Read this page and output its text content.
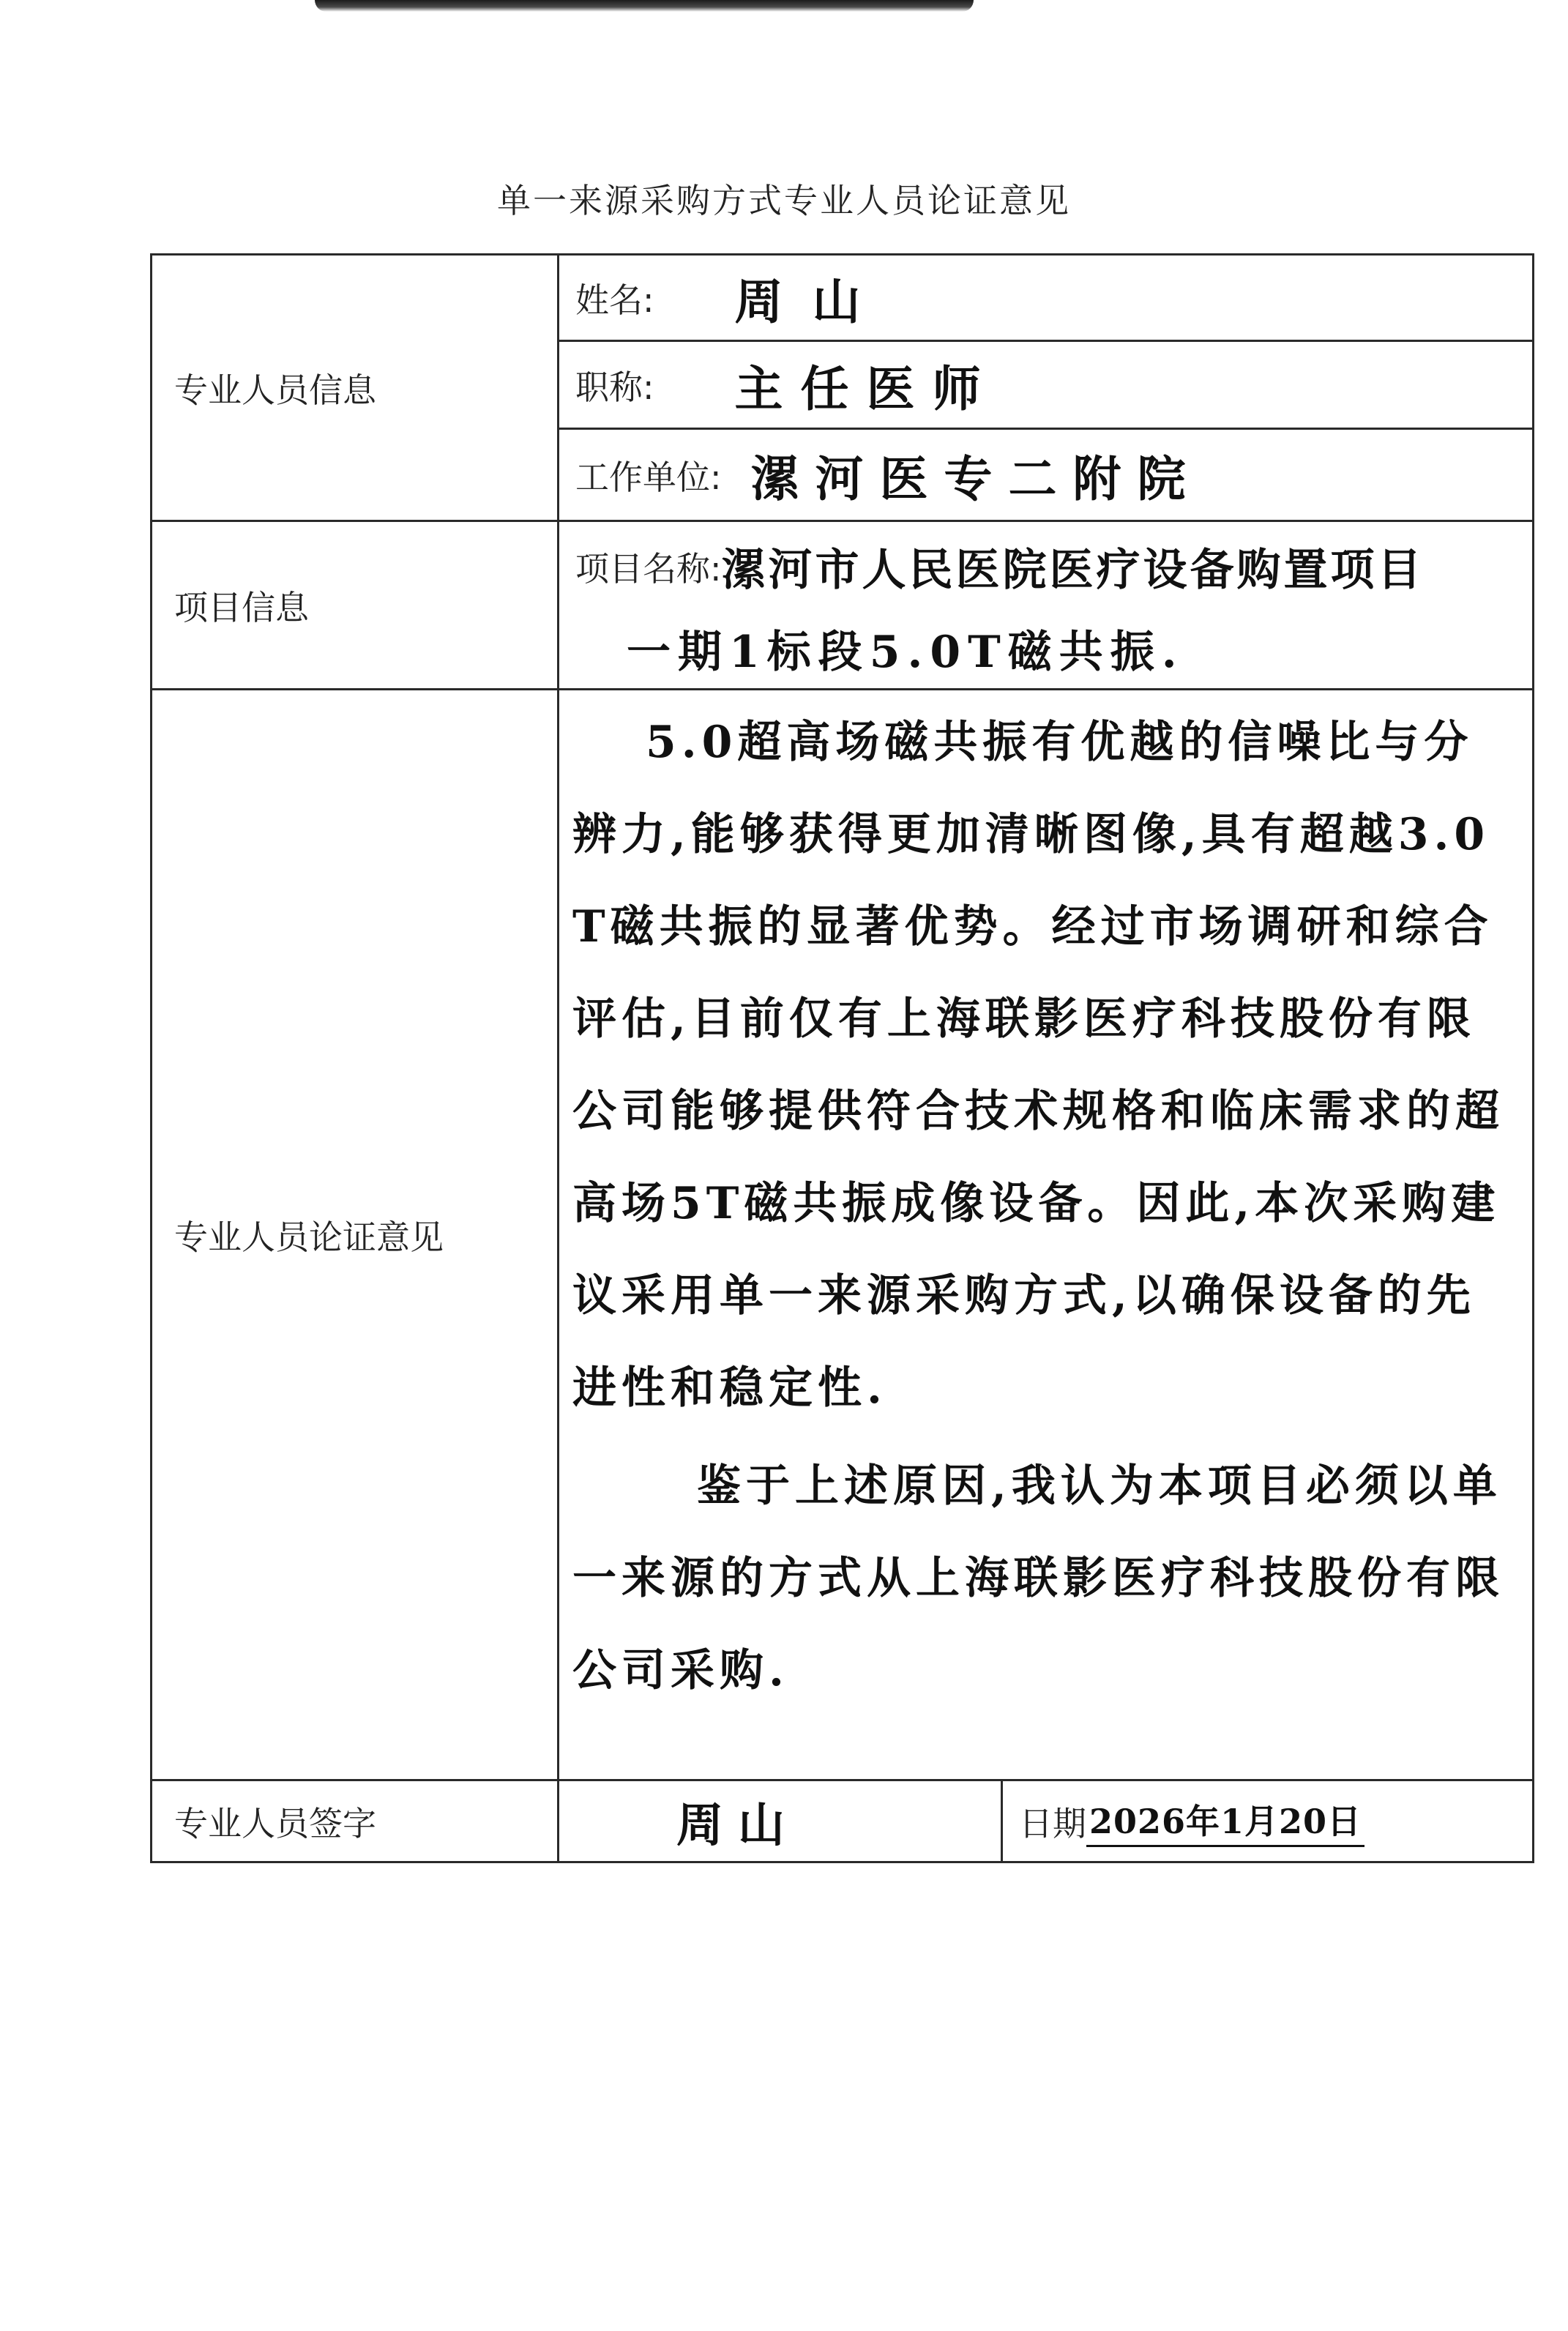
单一来源采购方式专业人员论证意见
专业人员信息	姓名: 周山	

	职称: 主任医师	

	工作单位: 漯河医专二附院	

项目信息	项目名称: 漯河市人民医院医疗设备购置项目
一期1标段5.0T磁共振.	

专业人员论证意见	5.0超高场磁共振有优越的信噪比与分辨力,能够获得更加清晰图像,具有超越3.0T磁共振的显著优势。经过市场调研和综合评估,目前仅有上海联影医疗科技股份有限公司能够提供符合技术规格和临床需求的超高场5T磁共振成像设备。因此,本次采购建议采用单一来源采购方式,以确保设备的先进性和稳定性.

鉴于上述原因,我认为本项目必须以单一来源的方式从上海联影医疗科技股份有限公司采购.	

专业人员签字	周山	日期 2026年1月20日
